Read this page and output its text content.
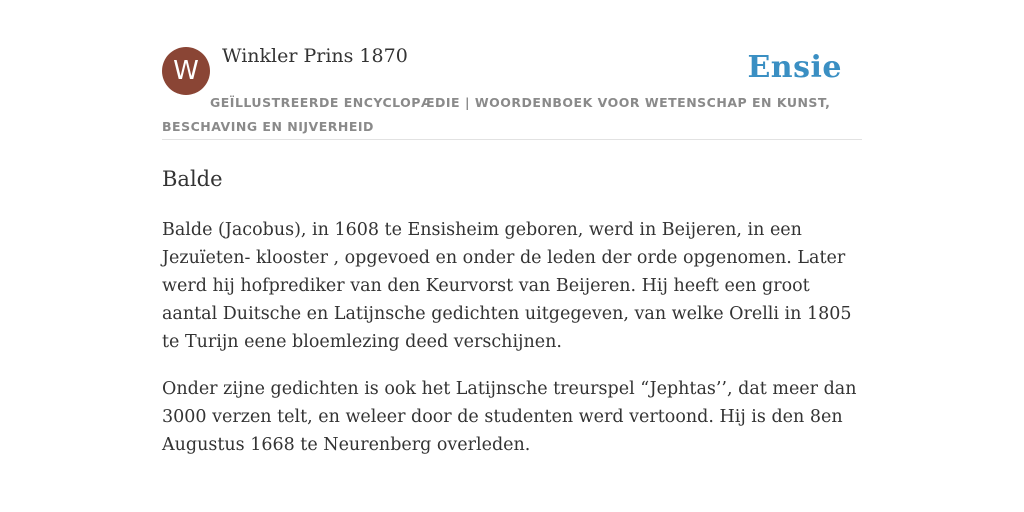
W	Winkler Prins 1870	Ensie
GEÏLLUSTREERDE ENCYCLOPÆDIE | WOORDENBOEK VOOR WETENSCHAP EN KUNST, BESCHAVING EN NIJVERHEID
Balde

Balde (Jacobus), in 1608 te Ensisheim geboren, werd in Beijeren, in een Jezuïeten- klooster , opgevoed en onder de leden der orde opgenomen. Later werd hij hofprediker van den Keurvorst van Beijeren. Hij heeft een groot aantal Duitsche en Latijnsche gedichten uitgegeven, van welke Orelli in 1805 te Turijn eene bloemlezing deed verschijnen.

Onder zijne gedichten is ook het Latijnsche treurspel “Jephtas’’, dat meer dan 3000 verzen telt, en weleer door de studenten werd vertoond. Hij is den 8en Augustus 1668 te Neurenberg overleden.
